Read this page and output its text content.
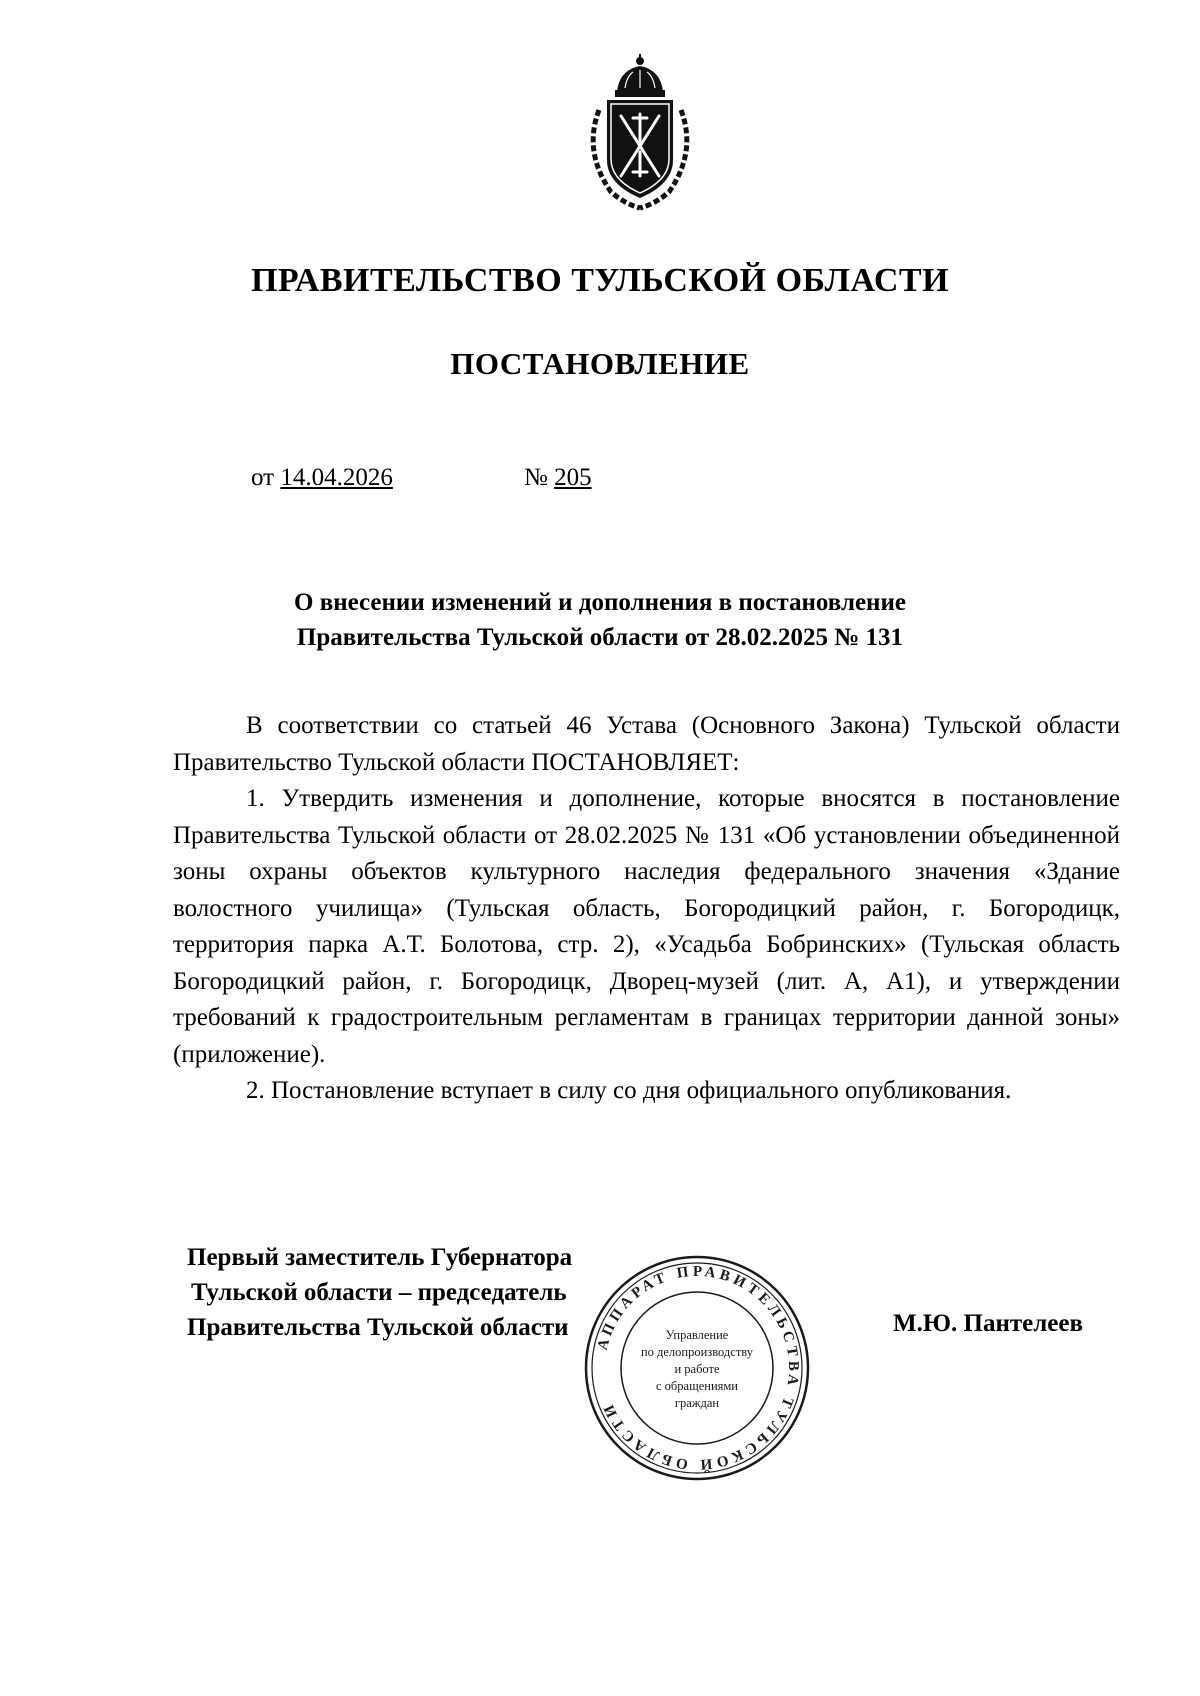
ПРАВИТЕЛЬСТВО ТУЛЬСКОЙ ОБЛАСТИ
ПОСТАНОВЛЕНИЕ
от 14.04.2026	№ 205
О внесении изменений и дополнения в постановление
Правительства Тульской области от 28.02.2025 № 131

В соответствии со статьей 46 Устава (Основного Закона) Тульской области Правительство Тульской области ПОСТАНОВЛЯЕТ:

1. Утвердить изменения и дополнение, которые вносятся в постановление Правительства Тульской области от 28.02.2025 № 131 «Об установлении объединенной зоны охраны объектов культурного наследия федерального значения «Здание волостного училища» (Тульская область, Богородицкий район, г. Богородицк, территория парка А.Т. Болотова, стр. 2), «Усадьба Бобринских» (Тульская область Богородицкий район, г. Богородицк, Дворец-музей (лит. А, А1), и утверждении требований к градостроительным регламентам в границах территории данной зоны» (приложение).

2. Постановление вступает в силу со дня официального опубликования.

Первый заместитель Губернатора
Тульской области – председатель
Правительства Тульской области	М.Ю. Пантелеев
АППАРАТ ПРАВИТЕЛЬСТВА ТУЛЬСКОЙ ОБЛАСТИ
Управление
по делопроизводству
и работе
с обращениями
граждан
